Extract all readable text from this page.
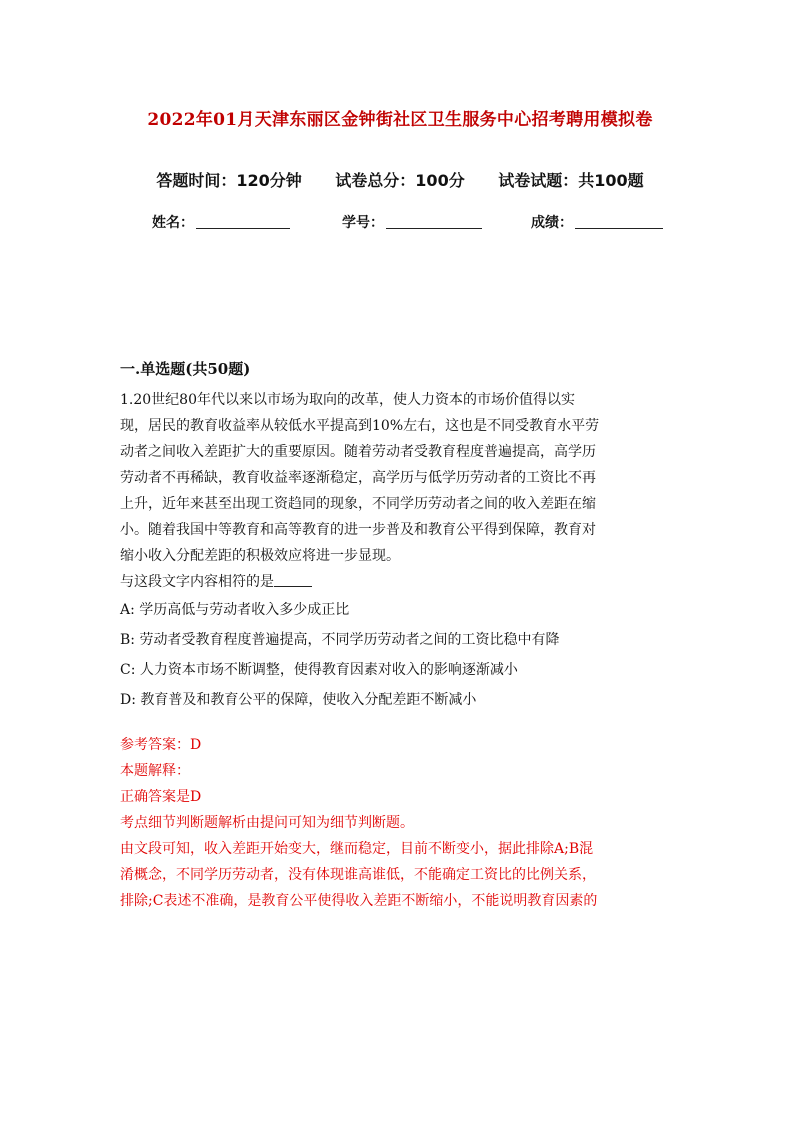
2022年01月天津东丽区金钟街社区卫生服务中心招考聘用模拟卷
答题时间：120分钟 试卷总分：100分 试卷试题：共100题
姓名：	学号：	成绩：
一.单选题(共50题)
1.20世纪80年代以来以市场为取向的改革，使人力资本的市场价值得以实
现，居民的教育收益率从较低水平提高到10%左右，这也是不同受教育水平劳
动者之间收入差距扩大的重要原因。随着劳动者受教育程度普遍提高，高学历
劳动者不再稀缺，教育收益率逐渐稳定，高学历与低学历劳动者的工资比不再
上升，近年来甚至出现工资趋同的现象，不同学历劳动者之间的收入差距在缩
小。随着我国中等教育和高等教育的进一步普及和教育公平得到保障，教育对
缩小收入分配差距的积极效应将进一步显现。
与这段文字内容相符的是
A: 学历高低与劳动者收入多少成正比
B: 劳动者受教育程度普遍提高，不同学历劳动者之间的工资比稳中有降
C: 人力资本市场不断调整，使得教育因素对收入的影响逐渐减小
D: 教育普及和教育公平的保障，使收入分配差距不断减小
参考答案：D
本题解释：
正确答案是D
考点细节判断题解析由提问可知为细节判断题。
由文段可知，收入差距开始变大，继而稳定，目前不断变小，据此排除A;B混
淆概念，不同学历劳动者，没有体现谁高谁低，不能确定工资比的比例关系，
排除;C表述不准确，是教育公平使得收入差距不断缩小，不能说明教育因素的
